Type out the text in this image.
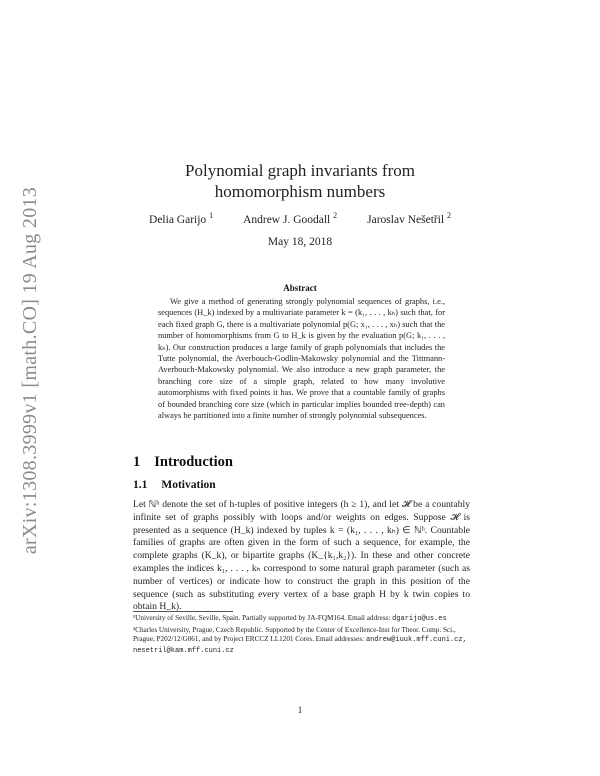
arXiv:1308.3999v1 [math.CO] 19 Aug 2013
Polynomial graph invariants from
homomorphism numbers
Delia Garijo $^1$	Andrew J. Goodall $^2$	Jaroslav Nešetřil $^2$
May 18, 2018
Abstract
We give a method of generating strongly polynomial sequences of graphs, i.e., sequences (H_k) indexed by a multivariate parameter k = (k₁, . . . , kₕ) such that, for each fixed graph G, there is a multivariate polynomial p(G; x₁, . . . , xₕ) such that the number of homomorphisms from G to H_k is given by the evaluation p(G; k₁, . . . , kₕ). Our construction produces a large family of graph polynomials that includes the Tutte polynomial, the Averbouch-Godlin-Makowsky polynomial and the Tittmann-Averbouch-Makowsky polynomial. We also introduce a new graph parameter, the branching core size of a simple graph, related to how many involutive automorphisms with fixed points it has. We prove that a countable family of graphs of bounded branching core size (which in particular implies bounded tree-depth) can always be partitioned into a finite number of strongly polynomial subsequences.
1 Introduction
1.1 Motivation
Let ℕʰ denote the set of h-tuples of positive integers (h ≥ 1), and let 𝓗 be a countably infinite set of graphs possibly with loops and/or weights on edges. Suppose 𝓗 is presented as a sequence (H_k) indexed by tuples k = (k₁, . . . , kₕ) ∈ ℕʰ. Countable families of graphs are often given in the form of such a sequence, for example, the complete graphs (K_k), or bipartite graphs (K_{k₁,k₂}). In these and other concrete examples the indices k₁, . . . , kₕ correspond to some natural graph parameter (such as number of vertices) or indicate how to construct the graph in this position of the sequence (such as substituting every vertex of a base graph H by k twin copies to obtain H_k).

¹University of Seville, Seville, Spain. Partially supported by JA-FQM164. Email address: dgarijo@us.es

²Charles University, Prague, Czech Republic. Supported by the Center of Excellence-Inst for Theor. Comp. Sci., Prague, P202/12/G061, and by Project ERCCZ LL1201 Cores. Email addresses: andrew@iuuk.mff.cuni.cz, nesetril@kam.mff.cuni.cz

1
